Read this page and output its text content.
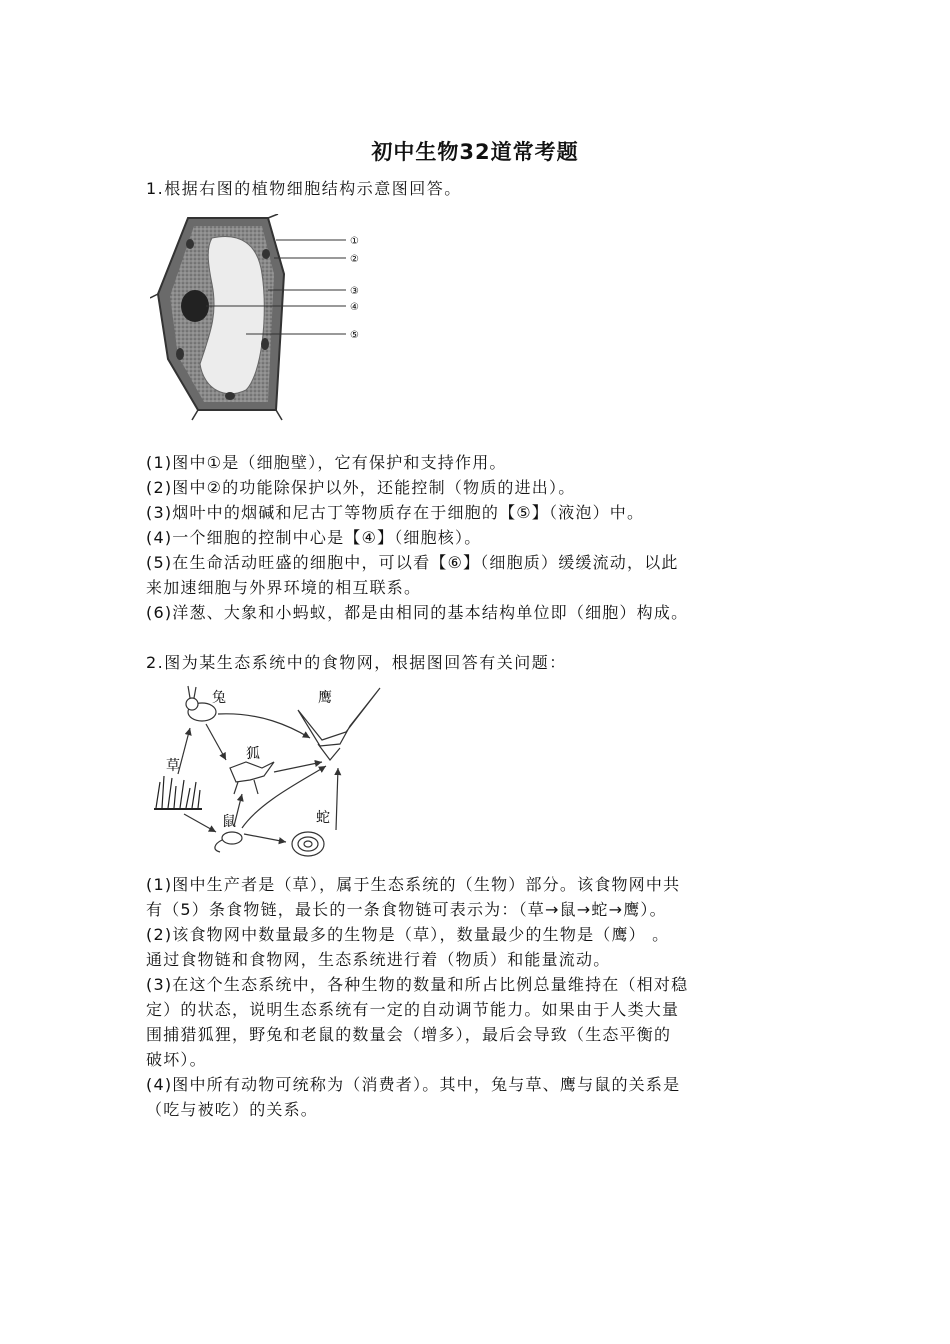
初中生物32道常考题
1.根据右图的植物细胞结构示意图回答。
①
②
③
④
⑤
(1)图中①是（细胞壁），它有保护和支持作用。
(2)图中②的功能除保护以外，还能控制（物质的进出）。
(3)烟叶中的烟碱和尼古丁等物质存在于细胞的【⑤】（液泡）中。
(4)一个细胞的控制中心是【④】（细胞核）。
(5)在生命活动旺盛的细胞中，可以看【⑥】（细胞质）缓缓流动，以此
来加速细胞与外界环境的相互联系。
(6)洋葱、大象和小蚂蚁，都是由相同的基本结构单位即（细胞）构成。
2.图为某生态系统中的食物网，根据图回答有关问题：
兔	鹰
狐
草
鼠	蛇
(1)图中生产者是（草），属于生态系统的（生物）部分。该食物网中共
有（5）条食物链，最长的一条食物链可表示为：（草→鼠→蛇→鹰）。
(2)该食物网中数量最多的生物是（草），数量最少的生物是（鹰） 。
通过食物链和食物网，生态系统进行着（物质）和能量流动。
(3)在这个生态系统中，各种生物的数量和所占比例总量维持在（相对稳
定）的状态，说明生态系统有一定的自动调节能力。如果由于人类大量
围捕猎狐狸，野兔和老鼠的数量会（增多），最后会导致（生态平衡的
破坏）。
(4)图中所有动物可统称为（消费者）。其中，兔与草、鹰与鼠的关系是
（吃与被吃）的关系。
